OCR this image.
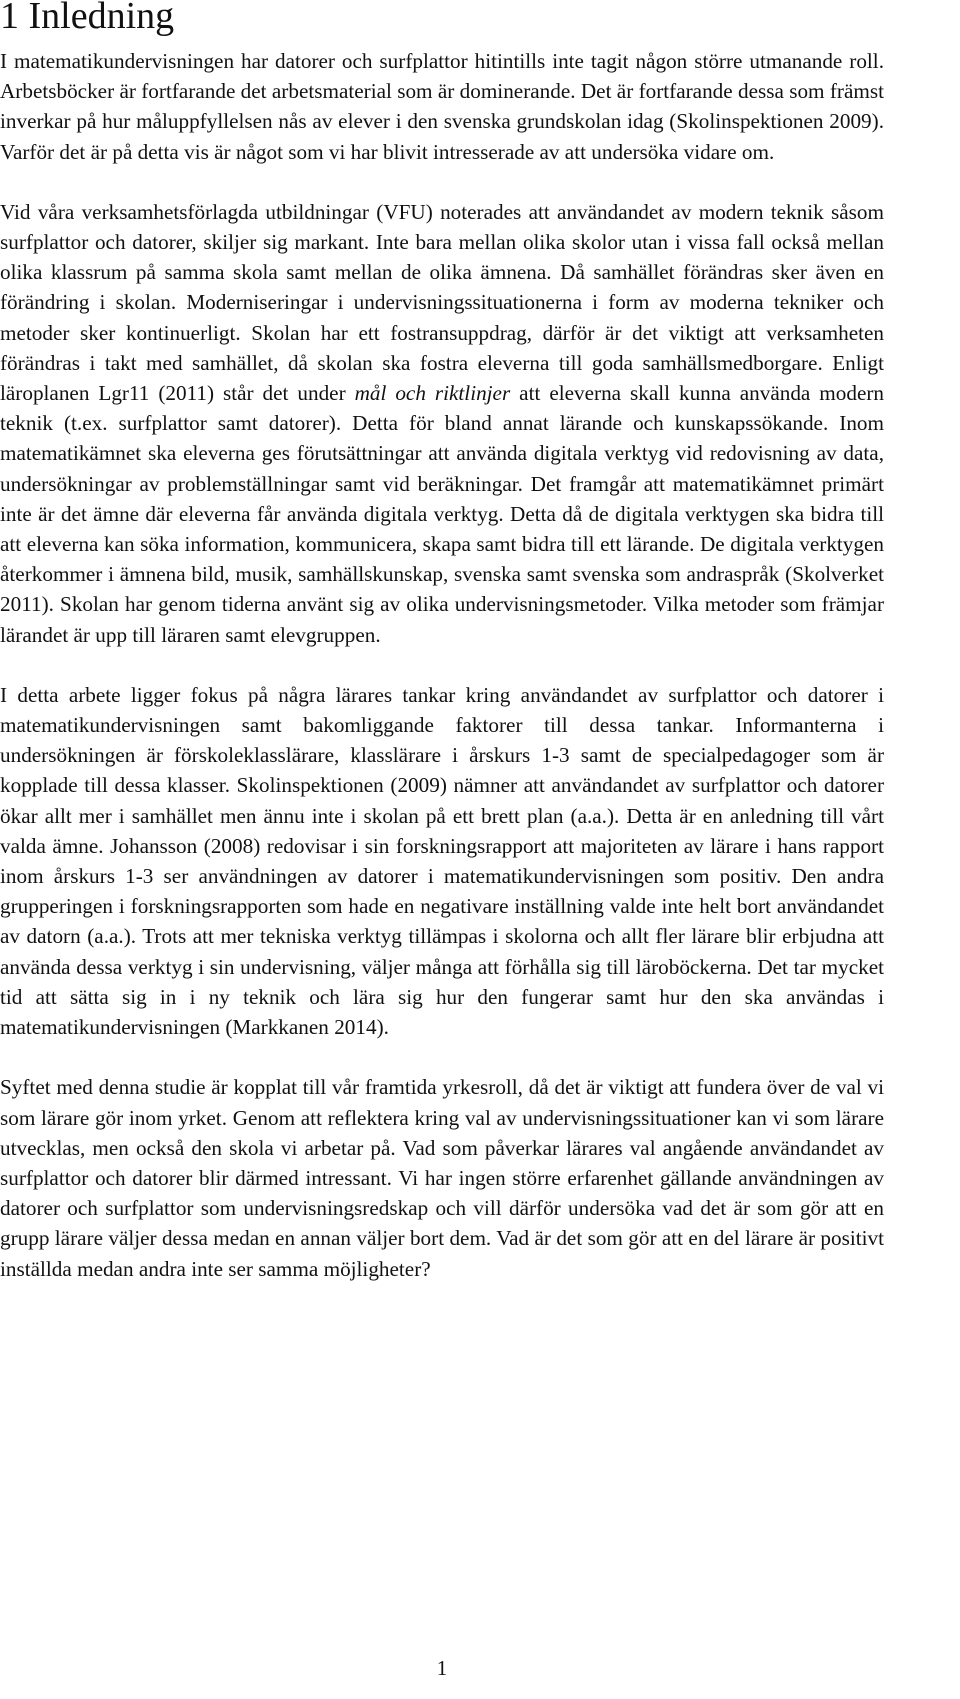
1 Inledning

I matematikundervisningen har datorer och surfplattor hitintills inte tagit någon större utmanande roll. Arbetsböcker är fortfarande det arbetsmaterial som är dominerande. Det är fortfarande dessa som främst inverkar på hur måluppfyllelsen nås av elever i den svenska grundskolan idag (Skolinspektionen 2009). Varför det är på detta vis är något som vi har blivit intresserade av att undersöka vidare om.

Vid våra verksamhetsförlagda utbildningar (VFU) noterades att användandet av modern teknik såsom surfplattor och datorer, skiljer sig markant. Inte bara mellan olika skolor utan i vissa fall också mellan olika klassrum på samma skola samt mellan de olika ämnena. Då samhället förändras sker även en förändring i skolan. Moderniseringar i undervisningssituationerna i form av moderna tekniker och metoder sker kontinuerligt. Skolan har ett fostransuppdrag, därför är det viktigt att verksamheten förändras i takt med samhället, då skolan ska fostra eleverna till goda samhällsmedborgare. Enligt läroplanen Lgr11 (2011) står det under mål och riktlinjer att eleverna skall kunna använda modern teknik (t.ex. surfplattor samt datorer). Detta för bland annat lärande och kunskapssökande. Inom matematikämnet ska eleverna ges förutsättningar att använda digitala verktyg vid redovisning av data, undersökningar av problemställningar samt vid beräkningar. Det framgår att matematikämnet primärt inte är det ämne där eleverna får använda digitala verktyg. Detta då de digitala verktygen ska bidra till att eleverna kan söka information, kommunicera, skapa samt bidra till ett lärande. De digitala verktygen återkommer i ämnena bild, musik, samhällskunskap, svenska samt svenska som andraspråk (Skolverket 2011). Skolan har genom tiderna använt sig av olika undervisningsmetoder. Vilka metoder som främjar lärandet är upp till läraren samt elevgruppen.

I detta arbete ligger fokus på några lärares tankar kring användandet av surfplattor och datorer i matematikundervisningen samt bakomliggande faktorer till dessa tankar. Informanterna i undersökningen är förskoleklasslärare, klasslärare i årskurs 1-3 samt de specialpedagoger som är kopplade till dessa klasser. Skolinspektionen (2009) nämner att användandet av surfplattor och datorer ökar allt mer i samhället men ännu inte i skolan på ett brett plan (a.a.). Detta är en anledning till vårt valda ämne. Johansson (2008) redovisar i sin forskningsrapport att majoriteten av lärare i hans rapport inom årskurs 1-3 ser användningen av datorer i matematikundervisningen som positiv. Den andra grupperingen i forskningsrapporten som hade en negativare inställning valde inte helt bort användandet av datorn (a.a.). Trots att mer tekniska verktyg tillämpas i skolorna och allt fler lärare blir erbjudna att använda dessa verktyg i sin undervisning, väljer många att förhålla sig till läroböckerna. Det tar mycket tid att sätta sig in i ny teknik och lära sig hur den fungerar samt hur den ska användas i matematikundervisningen (Markkanen 2014).

Syftet med denna studie är kopplat till vår framtida yrkesroll, då det är viktigt att fundera över de val vi som lärare gör inom yrket. Genom att reflektera kring val av undervisningssituationer kan vi som lärare utvecklas, men också den skola vi arbetar på. Vad som påverkar lärares val angående användandet av surfplattor och datorer blir därmed intressant. Vi har ingen större erfarenhet gällande användningen av datorer och surfplattor som undervisningsredskap och vill därför undersöka vad det är som gör att en grupp lärare väljer dessa medan en annan väljer bort dem. Vad är det som gör att en del lärare är positivt inställda medan andra inte ser samma möjligheter?

1
